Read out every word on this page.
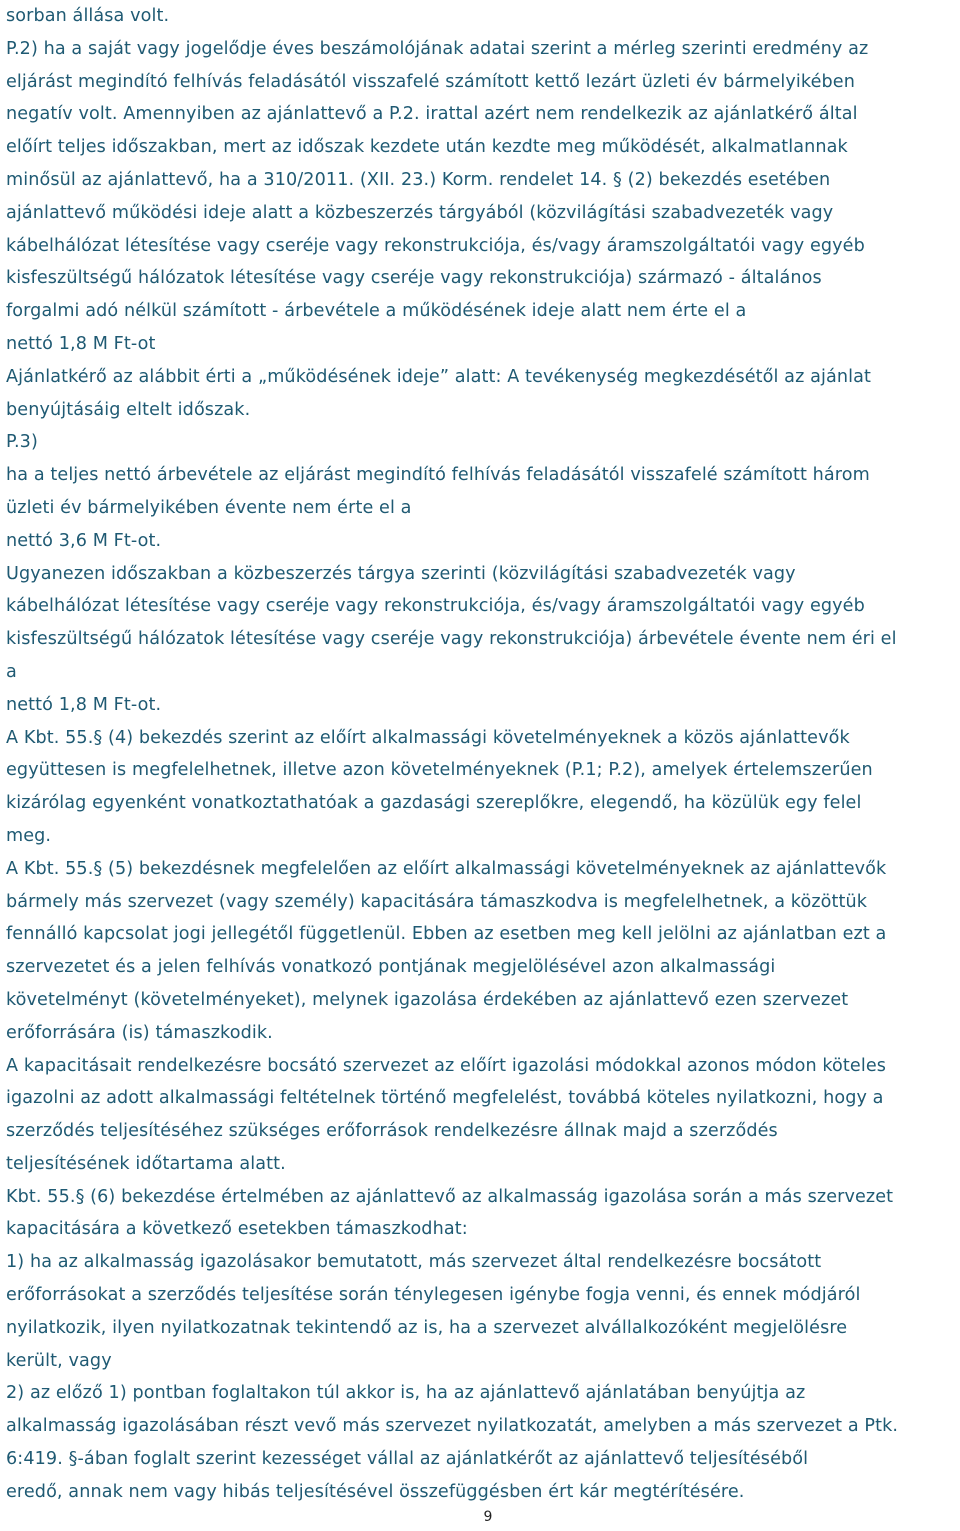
sorban állása volt.
P.2) ha a saját vagy jogelődje éves beszámolójának adatai szerint a mérleg szerinti eredmény az
eljárást megindító felhívás feladásától visszafelé számított kettő lezárt üzleti év bármelyikében
negatív volt. Amennyiben az ajánlattevő a P.2. irattal azért nem rendelkezik az ajánlatkérő által
előírt teljes időszakban, mert az időszak kezdete után kezdte meg működését, alkalmatlannak
minősül az ajánlattevő, ha a 310/2011. (XII. 23.) Korm. rendelet 14. § (2) bekezdés esetében
ajánlattevő működési ideje alatt a közbeszerzés tárgyából (közvilágítási szabadvezeték vagy
kábelhálózat létesítése vagy cseréje vagy rekonstrukciója, és/vagy áramszolgáltatói vagy egyéb
kisfeszültségű hálózatok létesítése vagy cseréje vagy rekonstrukciója) származó - általános
forgalmi adó nélkül számított - árbevétele a működésének ideje alatt nem érte el a
nettó 1,8 M Ft-ot
Ajánlatkérő az alábbit érti a „működésének ideje” alatt: A tevékenység megkezdésétől az ajánlat
benyújtásáig eltelt időszak.
P.3)
ha a teljes nettó árbevétele az eljárást megindító felhívás feladásától visszafelé számított három
üzleti év bármelyikében évente nem érte el a
nettó 3,6 M Ft-ot.
Ugyanezen időszakban a közbeszerzés tárgya szerinti (közvilágítási szabadvezeték vagy
kábelhálózat létesítése vagy cseréje vagy rekonstrukciója, és/vagy áramszolgáltatói vagy egyéb
kisfeszültségű hálózatok létesítése vagy cseréje vagy rekonstrukciója) árbevétele évente nem éri el
a
nettó 1,8 M Ft-ot.
A Kbt. 55.§ (4) bekezdés szerint az előírt alkalmassági követelményeknek a közös ajánlattevők
együttesen is megfelelhetnek, illetve azon követelményeknek (P.1; P.2), amelyek értelemszerűen
kizárólag egyenként vonatkoztathatóak a gazdasági szereplőkre, elegendő, ha közülük egy felel
meg.
A Kbt. 55.§ (5) bekezdésnek megfelelően az előírt alkalmassági követelményeknek az ajánlattevők
bármely más szervezet (vagy személy) kapacitására támaszkodva is megfelelhetnek, a közöttük
fennálló kapcsolat jogi jellegétől függetlenül. Ebben az esetben meg kell jelölni az ajánlatban ezt a
szervezetet és a jelen felhívás vonatkozó pontjának megjelölésével azon alkalmassági
követelményt (követelményeket), melynek igazolása érdekében az ajánlattevő ezen szervezet
erőforrására (is) támaszkodik.
A kapacitásait rendelkezésre bocsátó szervezet az előírt igazolási módokkal azonos módon köteles
igazolni az adott alkalmassági feltételnek történő megfelelést, továbbá köteles nyilatkozni, hogy a
szerződés teljesítéséhez szükséges erőforrások rendelkezésre állnak majd a szerződés
teljesítésének időtartama alatt.
Kbt. 55.§ (6) bekezdése értelmében az ajánlattevő az alkalmasság igazolása során a más szervezet
kapacitására a következő esetekben támaszkodhat:
1) ha az alkalmasság igazolásakor bemutatott, más szervezet által rendelkezésre bocsátott
erőforrásokat a szerződés teljesítése során ténylegesen igénybe fogja venni, és ennek módjáról
nyilatkozik, ilyen nyilatkozatnak tekintendő az is, ha a szervezet alvállalkozóként megjelölésre
került, vagy
2) az előző 1) pontban foglaltakon túl akkor is, ha az ajánlattevő ajánlatában benyújtja az
alkalmasság igazolásában részt vevő más szervezet nyilatkozatát, amelyben a más szervezet a Ptk.
6:419. §-ában foglalt szerint kezességet vállal az ajánlatkérőt az ajánlattevő teljesítéséből
eredő, annak nem vagy hibás teljesítésével összefüggésben ért kár megtérítésére.
9
